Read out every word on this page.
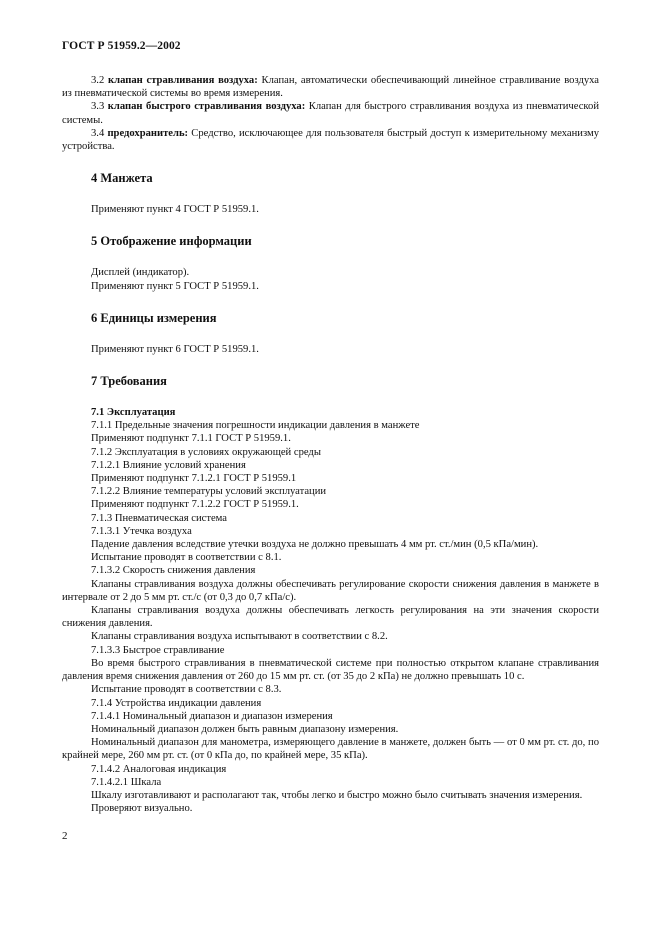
ГОСТ Р 51959.2—2002

3.2 клапан стравливания воздуха: Клапан, автоматически обеспечивающий линейное стравливание воздуха из пневматической системы во время измерения.

3.3 клапан быстрого стравливания воздуха: Клапан для быстрого стравливания воздуха из пневматической системы.

3.4 предохранитель: Средство, исключающее для пользователя быстрый доступ к измерительному механизму устройства.

4 Манжета

Применяют пункт 4 ГОСТ Р 51959.1.

5 Отображение информации

Дисплей (индикатор).

Применяют пункт 5 ГОСТ Р 51959.1.

6 Единицы измерения

Применяют пункт 6 ГОСТ Р 51959.1.

7 Требования

7.1 Эксплуатация

7.1.1 Предельные значения погрешности индикации давления в манжете

Применяют подпункт 7.1.1 ГОСТ Р 51959.1.

7.1.2 Эксплуатация в условиях окружающей среды

7.1.2.1 Влияние условий хранения

Применяют подпункт 7.1.2.1 ГОСТ Р 51959.1

7.1.2.2 Влияние температуры условий эксплуатации

Применяют подпункт 7.1.2.2 ГОСТ Р 51959.1.

7.1.3 Пневматическая система

7.1.3.1 Утечка воздуха

Падение давления вследствие утечки воздуха не должно превышать 4 мм рт. ст./мин (0,5 кПа/мин).

Испытание проводят в соответствии с 8.1.

7.1.3.2 Скорость снижения давления

Клапаны стравливания воздуха должны обеспечивать регулирование скорости снижения давления в манжете в интервале от 2 до 5 мм рт. ст./с (от 0,3 до 0,7 кПа/с).

Клапаны стравливания воздуха должны обеспечивать легкость регулирования на эти значения скорости снижения давления.

Клапаны стравливания воздуха испытывают в соответствии с 8.2.

7.1.3.3 Быстрое стравливание

Во время быстрого стравливания в пневматической системе при полностью открытом клапане стравливания давления время снижения давления от 260 до 15 мм рт. ст. (от 35 до 2 кПа) не должно превышать 10 с.

Испытание проводят в соответствии с 8.3.

7.1.4 Устройства индикации давления

7.1.4.1 Номинальный диапазон и диапазон измерения

Номинальный диапазон должен быть равным диапазону измерения.

Номинальный диапазон для манометра, измеряющего давление в манжете, должен быть — от 0 мм рт. ст. до, по крайней мере, 260 мм рт. ст. (от 0 кПа до, по крайней мере, 35 кПа).

7.1.4.2 Аналоговая индикация

7.1.4.2.1 Шкала

Шкалу изготавливают и располагают так, чтобы легко и быстро можно было считывать значения измерения.

Проверяют визуально.

2
